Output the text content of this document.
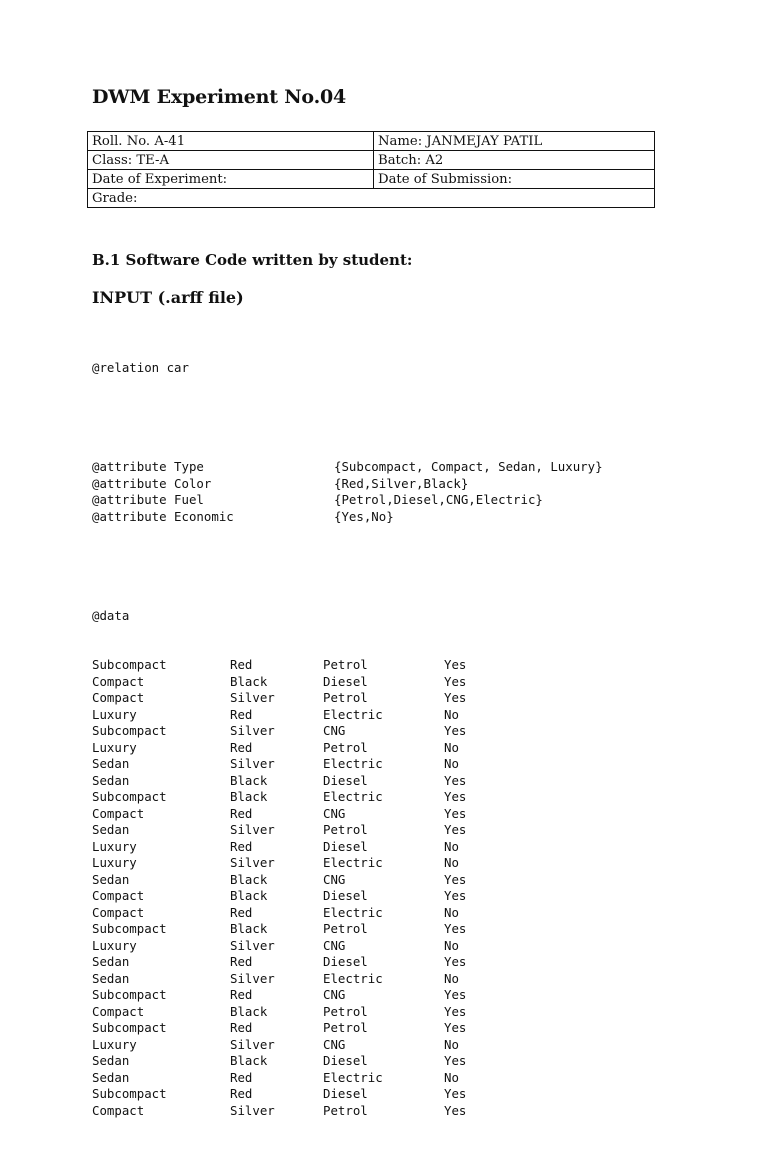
DWM Experiment No.04
Roll. No. A-41	Name: JANMEJAY PATIL
Class: TE-A	Batch: A2
Date of Experiment:	Date of Submission:
Grade:	
B.1 Software Code written by student:
INPUT (.arff file)

@relation car

@attribute Type	{Subcompact, Compact, Sedan, Luxury}
@attribute Color	{Red,Silver,Black}
@attribute Fuel	{Petrol,Diesel,CNG,Electric}
@attribute Economic	{Yes,No}

@data

Subcompact	Red	Petrol	Yes
Compact	Black	Diesel	Yes
Compact	Silver	Petrol	Yes
Luxury	Red	Electric	No
Subcompact	Silver	CNG	Yes
Luxury	Red	Petrol	No
Sedan	Silver	Electric	No
Sedan	Black	Diesel	Yes
Subcompact	Black	Electric	Yes
Compact	Red	CNG	Yes
Sedan	Silver	Petrol	Yes
Luxury	Red	Diesel	No
Luxury	Silver	Electric	No
Sedan	Black	CNG	Yes
Compact	Black	Diesel	Yes
Compact	Red	Electric	No
Subcompact	Black	Petrol	Yes
Luxury	Silver	CNG	No
Sedan	Red	Diesel	Yes
Sedan	Silver	Electric	No
Subcompact	Red	CNG	Yes
Compact	Black	Petrol	Yes
Subcompact	Red	Petrol	Yes
Luxury	Silver	CNG	No
Sedan	Black	Diesel	Yes
Sedan	Red	Electric	No
Subcompact	Red	Diesel	Yes
Compact	Silver	Petrol	Yes
